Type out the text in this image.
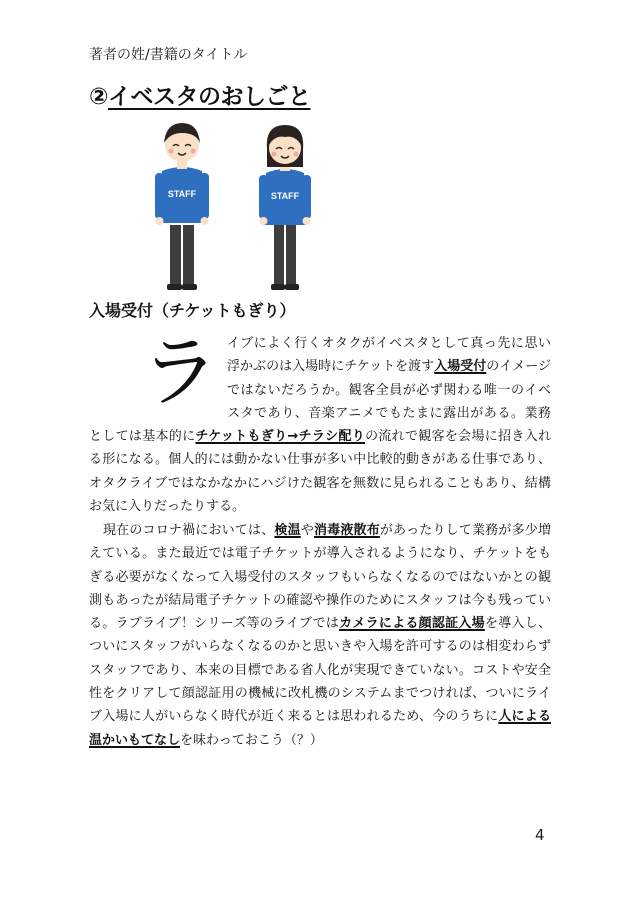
著者の姓/書籍のタイトル
②イベスタのおしごと
STAFF	STAFF
入場受付（チケットもぎり）

ライブによく行くオタクがイベスタとして真っ先に思い浮かぶのは入場時にチケットを渡す入場受付のイメージではないだろうか。観客全員が必ず関わる唯一のイベスタであり、音楽アニメでもたまに露出がある。業務としては基本的にチケットもぎり→チラシ配りの流れで観客を会場に招き入れる形になる。個人的には動かない仕事が多い中比較的動きがある仕事であり、オタクライブではなかなかにハジけた観客を無数に見られることもあり、結構お気に入りだったりする。

現在のコロナ禍においては、検温や消毒液散布があったりして業務が多少増えている。また最近では電子チケットが導入されるようになり、チケットをもぎる必要がなくなって入場受付のスタッフもいらなくなるのではないかとの観測もあったが結局電子チケットの確認や操作のためにスタッフは今も残っている。ラブライブ！シリーズ等のライブではカメラによる顔認証入場を導入し、ついにスタッフがいらなくなるのかと思いきや入場を許可するのは相変わらずスタッフであり、本来の目標である省人化が実現できていない。コストや安全性をクリアして顔認証用の機械に改札機のシステムまでつければ、ついにライブ入場に人がいらなく時代が近く来るとは思われるため、今のうちに人による温かいもてなしを味わっておこう（？）

4
